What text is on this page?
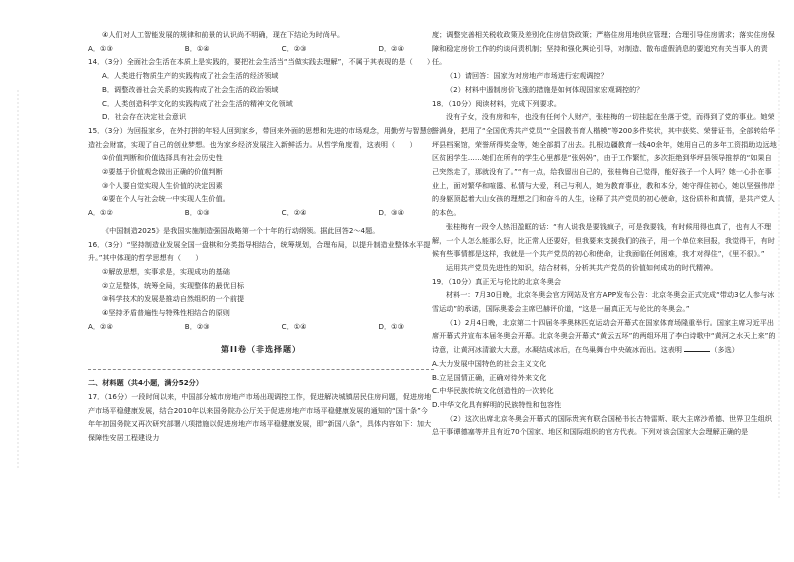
④人们对人工智能发展的规律和前景的认识尚不明确，现在下结论为时尚早。

A．①③	B．①④	C．②③	D．②④

14．（3分）全面社会生活在本质上是实践的，要把社会生活当“当做实践去理解”，不属于其表现的是（　　）

A．人类进行物质生产的实践构成了社会生活的经济领域

B．调整改善社会关系的实践构成了社会生活的政治领域

C．人类创造科学文化的实践构成了社会生活的精神文化领域

D．社会存在决定社会意识

15．（3分）为回报家乡，在外打拼的年轻人回到家乡，带回来外面的思想和先进的市场观念，用勤劳与智慧创造社会财富，实现了自己的创业梦想。也为家乡经济发展注入新鲜活力。从哲学角度看，这表明（　　）

①价值判断和价值选择具有社会历史性

②要基于价值观念做出正确的价值判断

③个人要自觉实现人生价值的决定因素

④要在个人与社会统一中实现人生价值。

A．①②	B．①③	C．②④	D．③④

《中国制造2025》是我国实施制造强国战略第一个十年的行动纲领。据此回答2～4题。

16．（3分）“坚持制造业发展全国一盘棋和分类指导相结合，统筹规划，合理布局，以提升制造业整体水平提升。”其中体现的哲学思想有（　　）

①解放思想，实事求是，实现成功的基础

②立足整体，统筹全局，实现整体的最优目标

③科学技术的发展是推动自然组织的一个前提

④坚持矛盾普遍性与特殊性相结合的原则

A．②④	B．②③	C．①④	D．①③
第II卷（非选择题）

二、材料题（共4小题，满分52分）

17．（16分）一段时间以来，中国部分城市房地产市场出现调控工作，促进解决城镇居民住房问题，促进房地产市场平稳健康发展，结合2010年以来国务院办公厅关于促进房地产市场平稳健康发展的通知的“国十条”今年年初国务院又再次研究部署八项措施以促进房地产市场平稳健康发展，即“新国八条”，具体内容如下：加大保障性安居工程建设力

度；调整完善相关税收政策及差别化住房信贷政策；严格住房用地供应管理；合理引导住房需求；落实住房保障和稳定房价工作的约谈问责机制；坚持和强化舆论引导，对制造、散布虚假消息的要追究有关当事人的责任。

（1）请回答：国家为对房地产市场进行宏观调控？

（2）材料中遏制房价飞涨的措施是如何体现国家宏观调控的？

18．（10分）阅读材料，完成下列要求。

没有子女，没有房和车，也没有任何个人财产，张桂梅的一切挂起在坐落于党，而得到了党的事业。她荣誉满身，把用了“全国优秀共产党员”“全国教书育人楷模”等200多件奖状，其中获奖、荣誉证书，全部转给华坪县档案馆，荣誉所得奖金等，她全部捐了出去。扎根边疆教育一线40余年，她用自己的多年工资捐助边远地区贫困学生……她们在所有的学生心里都是“张妈妈”，由于工作繁忙，多次拒绝到华坪县领导推荐的“如果自己突然走了，那就没有了。”“有一点，给我留出自己的，张桂梅自己觉得，能好孩子一个人吗？她一心扑在事业上，面对繁华和喧嚣、私情与大爱，利己与利人，她为教育事业，教和本分，她守得住初心，她以坚强伟岸的身躯顶起着大山女孩的理想之门和奋斗的人生，诠释了共产党员的初心使命，这份质朴和真情，是共产党人的本色。

张桂梅有一段令人热泪盈眶的话：“有人说我是要钱疯子，可是我要钱，有时候用得也真了，也有人不理解，一个人怎么能那么好，比正常人还要好，但我要来支援我们的孩子，用一个单位来回报，我觉得干，有时候有些事情都是这样，我就是一个共产党员的初心和使命，让我面临任何困难，我才对得住”，《里不很》。”

运用共产党员先进性的知识，结合材料，分析其共产党员的价值如何成功的时代精神。

19．（10分）真正无与伦比的北京冬奥会

材料一：7月30日晚，北京冬奥会官方网站及官方APP发布公告：北京冬奥会正式完成“带动3亿人参与冰雪运动”的承诺，国际奥委会主席巴赫评价道，“这是一届真正无与伦比的冬奥会。”

（1）2月4日晚，北京第二十四届冬季奥林匹克运动会开幕式在国家体育场隆重举行。国家主席习近平出席开幕式并宣布本届冬奥会开幕。北京冬奥会开幕式“黄云五环”的两组环用了李白诗歌中“黄河之水天上来”的诗意，让黄河冰清澈大大意，水凝结成冰后，在鸟巢舞台中央破冰而出。这表明	（多选）

A.大力发展中国特色的社会主义文化

B.立足国情正确，正确对待外来文化

C.中华民族传统文化创造性的一次转化

D.中华文化具有鲜明的民族特性和包容性

（2）这次出席北京冬奥会开幕式的国际贵宾有联合国秘书长古特雷斯、联大主席沙希德、世界卫生组织总干事谭德塞等并且有近70个国家、地区和国际组织的官方代表。下列对该会国家大会理解正确的是
